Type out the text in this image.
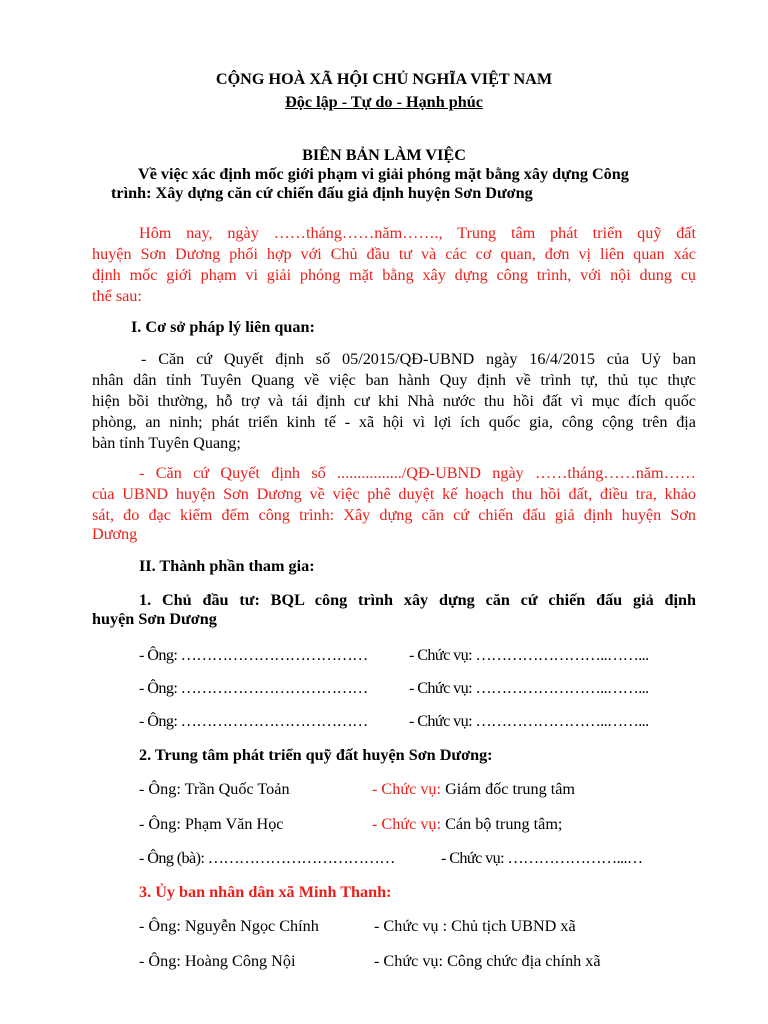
CỘNG HOÀ XÃ HỘI CHỦ NGHĨA VIỆT NAM
Độc lập - Tự do - Hạnh phúc
BIÊN BẢN LÀM VIỆC
Về việc xác định mốc giới phạm vi giải phóng mặt bằng xây dựng Công
trình: Xây dựng căn cứ chiến đấu giả định huyện Sơn Dương
Hôm nay, ngày ……tháng……năm……., Trung tâm phát triển quỹ đất
huyện Sơn Dương phối hợp với Chủ đầu tư và các cơ quan, đơn vị liên quan xác
định mốc giới phạm vi giải phóng mặt bằng xây dựng công trình, với nội dung cụ
thể sau:
I. Cơ sở pháp lý liên quan:
- Căn cứ Quyết định số 05/2015/QĐ-UBND ngày 16/4/2015 của Uỷ ban
nhân dân tỉnh Tuyên Quang về việc ban hành Quy định về trình tự, thủ tục thực
hiện bồi thường, hỗ trợ và tái định cư khi Nhà nước thu hồi đất vì mục đích quốc
phòng, an ninh; phát triển kinh tế - xã hội vì lợi ích quốc gia, công cộng trên địa
bàn tỉnh Tuyên Quang;
- Căn cứ Quyết định số ................/QĐ-UBND ngày ……tháng……năm……
của UBND huyện Sơn Dương về việc phê duyệt kế hoạch thu hồi đất, điều tra, khảo
sát, đo đạc kiểm đếm công trình: Xây dựng căn cứ chiến đấu giả định huyện Sơn
Dương
II. Thành phần tham gia:
1. Chủ đầu tư: BQL công trình xây dựng căn cứ chiến đấu giả định
huyện Sơn Dương
- Ông: ………………………………	- Chức vụ: ……………………..……...
- Ông: ………………………………	- Chức vụ: ……………………..……...
- Ông: ………………………………	- Chức vụ: ……………………..……...
2. Trung tâm phát triển quỹ đất huyện Sơn Dương:
- Ông: Trần Quốc Toản	- Chức vụ: Giám đốc trung tâm
- Ông: Phạm Văn Học	- Chức vụ: Cán bộ trung tâm;
- Ông (bà): ………………………………	- Chức vụ: …………………...…
3. Ủy ban nhân dân xã Minh Thanh:
- Ông: Nguyễn Ngọc Chính	- Chức vụ : Chủ tịch UBND xã
- Ông: Hoàng Công Nội	- Chức vụ: Công chức địa chính xã
